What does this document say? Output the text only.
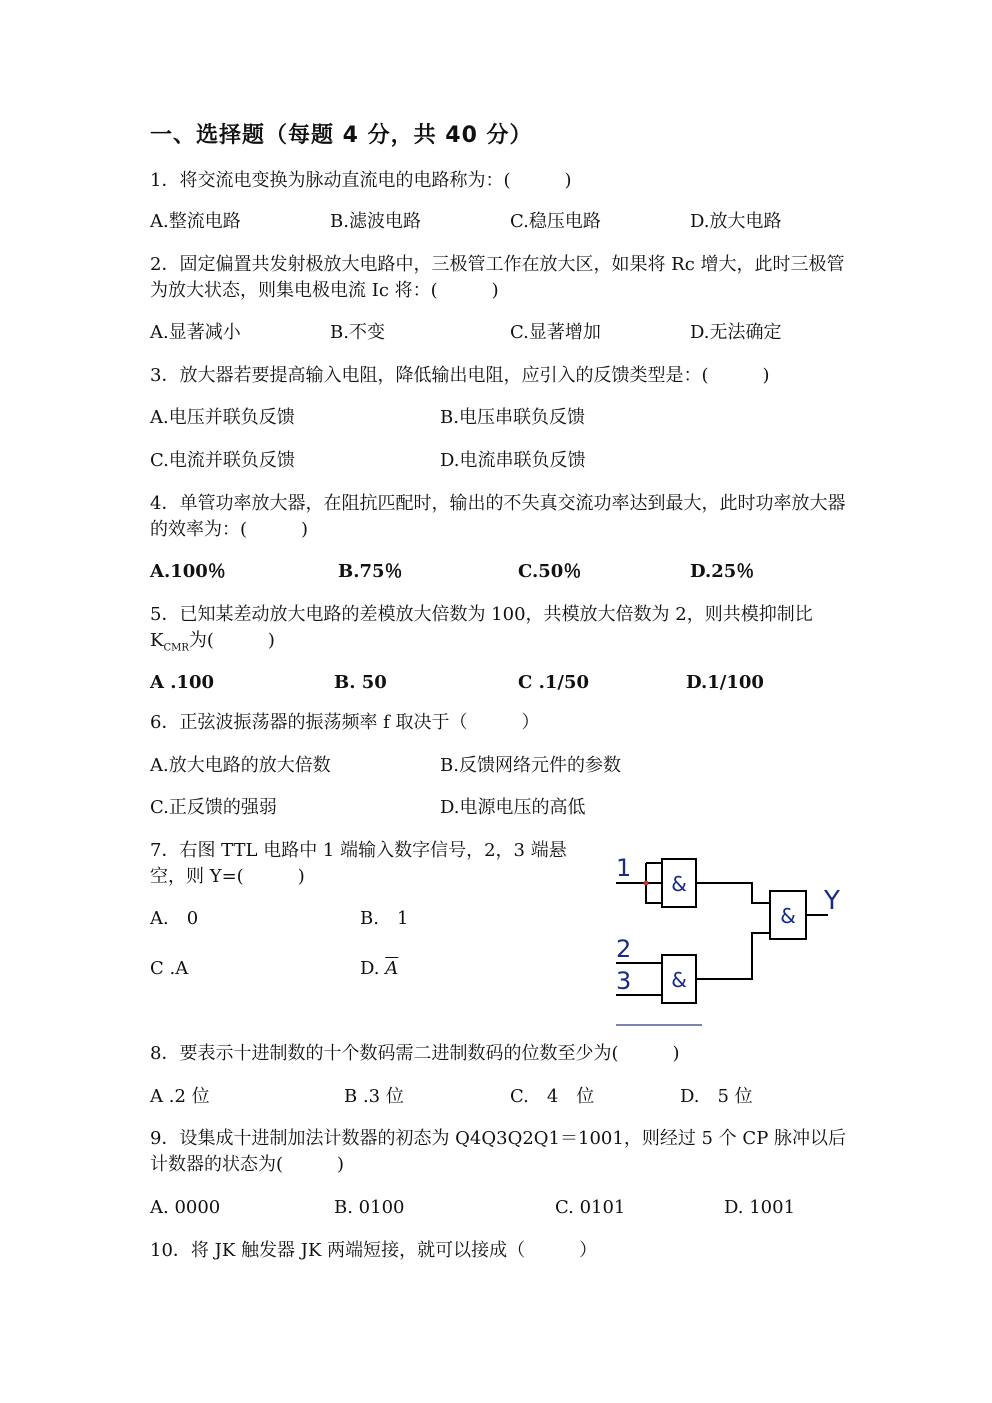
一、选择题（每题 4 分，共 40 分）
1．将交流电变换为脉动直流电的电路称为：(　　　)
A.整流电路	B.滤波电路	C.稳压电路	D.放大电路
2．固定偏置共发射极放大电路中，三极管工作在放大区，如果将 Rc 增大，此时三极管为放大状态，则集电极电流 Ic 将：(　　　)
A.显著减小	B.不变	C.显著增加	D.无法确定
3．放大器若要提高输入电阻，降低输出电阻，应引入的反馈类型是：(　　　)
A.电压并联负反馈	B.电压串联负反馈
C.电流并联负反馈	D.电流串联负反馈
4．单管功率放大器，在阻抗匹配时，输出的不失真交流功率达到最大，此时功率放大器的效率为：(　　　)
A.100％	B.75％	C.50％	D.25％
5．已知某差动放大电路的差模放大倍数为 100，共模放大倍数为 2，则共模抑制比 $K_{CMR}$为(　　　)
A .100	B. 50	C .1/50	D.1/100
6．正弦波振荡器的振荡频率 f 取决于（　　　）
A.放大电路的放大倍数	B.反馈网络元件的参数
C.正反馈的强弱	D.电源电压的高低
7．右图 TTL 电路中 1 端输入数字信号，2，3 端悬空，则 Y=(　　　)
A.　0	B.　1
C .A	D. $\overline{A}$
1
2
3
Y
&
&
&
8．要表示十进制数的十个数码需二进制数码的位数至少为(　　　)
A .2 位	B .3 位	C.　4　位	D.　5 位
9．设集成十进制加法计数器的初态为 Q4Q3Q2Q1＝1001，则经过 5 个 CP 脉冲以后计数器的状态为(　　　)
A. 0000	B. 0100	C. 0101	D. 1001
10．将 JK 触发器 JK 两端短接，就可以接成（　　　）
